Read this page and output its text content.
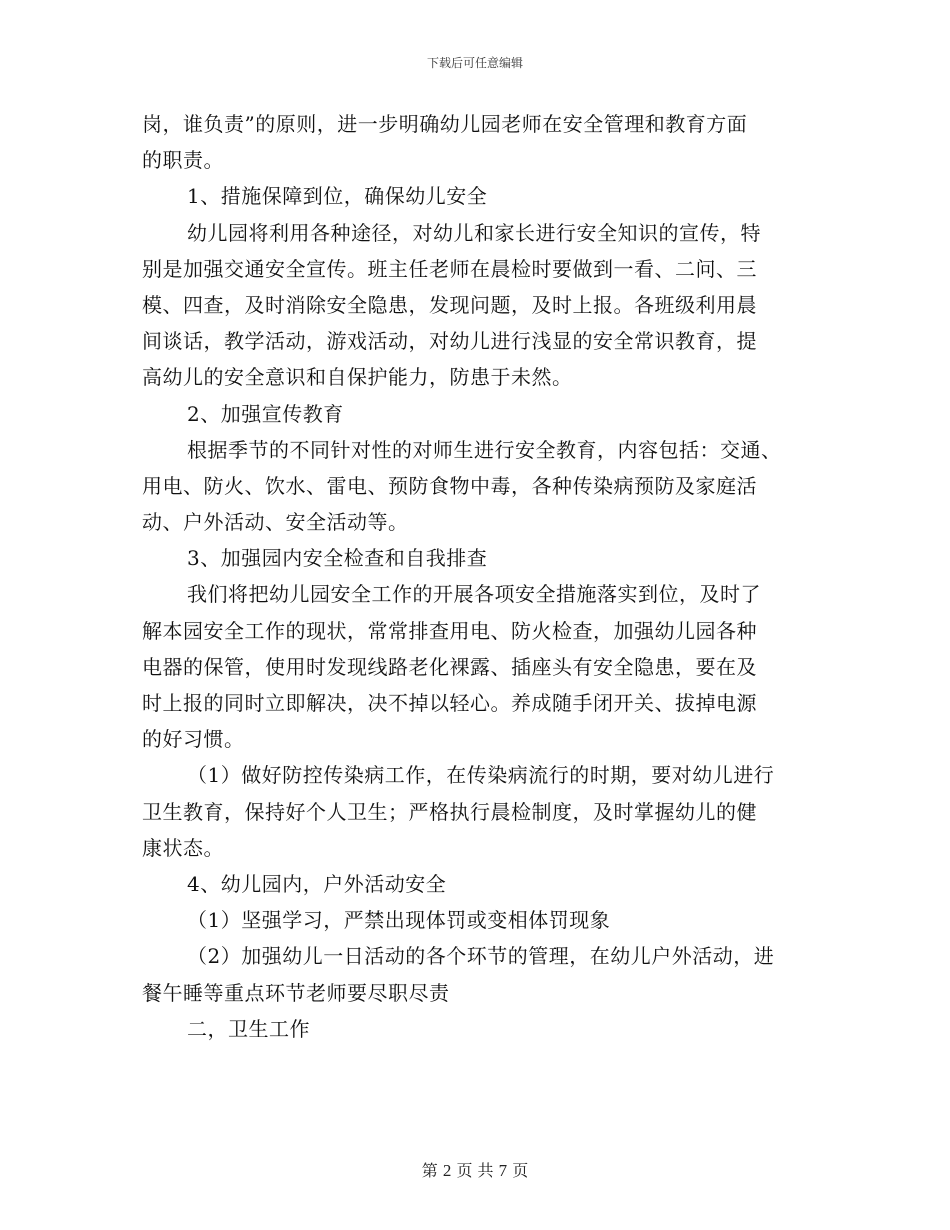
下载后可任意编辑
岗，谁负责”的原则，进一步明确幼儿园老师在安全管理和教育方面
的职责。
1、措施保障到位，确保幼儿安全
幼儿园将利用各种途径，对幼儿和家长进行安全知识的宣传，特
别是加强交通安全宣传。班主任老师在晨检时要做到一看、二问、三
模、四查，及时消除安全隐患，发现问题，及时上报。各班级利用晨
间谈话，教学活动，游戏活动，对幼儿进行浅显的安全常识教育，提
高幼儿的安全意识和自保护能力，防患于未然。
2、加强宣传教育
根据季节的不同针对性的对师生进行安全教育，内容包括：交通、
用电、防火、饮水、雷电、预防食物中毒，各种传染病预防及家庭活
动、户外活动、安全活动等。
3、加强园内安全检查和自我排查
我们将把幼儿园安全工作的开展各项安全措施落实到位，及时了
解本园安全工作的现状，常常排查用电、防火检查，加强幼儿园各种
电器的保管，使用时发现线路老化裸露、插座头有安全隐患，要在及
时上报的同时立即解决，决不掉以轻心。养成随手闭开关、拔掉电源
的好习惯。
（1）做好防控传染病工作，在传染病流行的时期，要对幼儿进行
卫生教育，保持好个人卫生；严格执行晨检制度，及时掌握幼儿的健
康状态。
4、幼儿园内，户外活动安全
（1）坚强学习，严禁出现体罚或变相体罚现象
（2）加强幼儿一日活动的各个环节的管理，在幼儿户外活动，进
餐午睡等重点环节老师要尽职尽责
二，卫生工作
第 2 页 共 7 页
